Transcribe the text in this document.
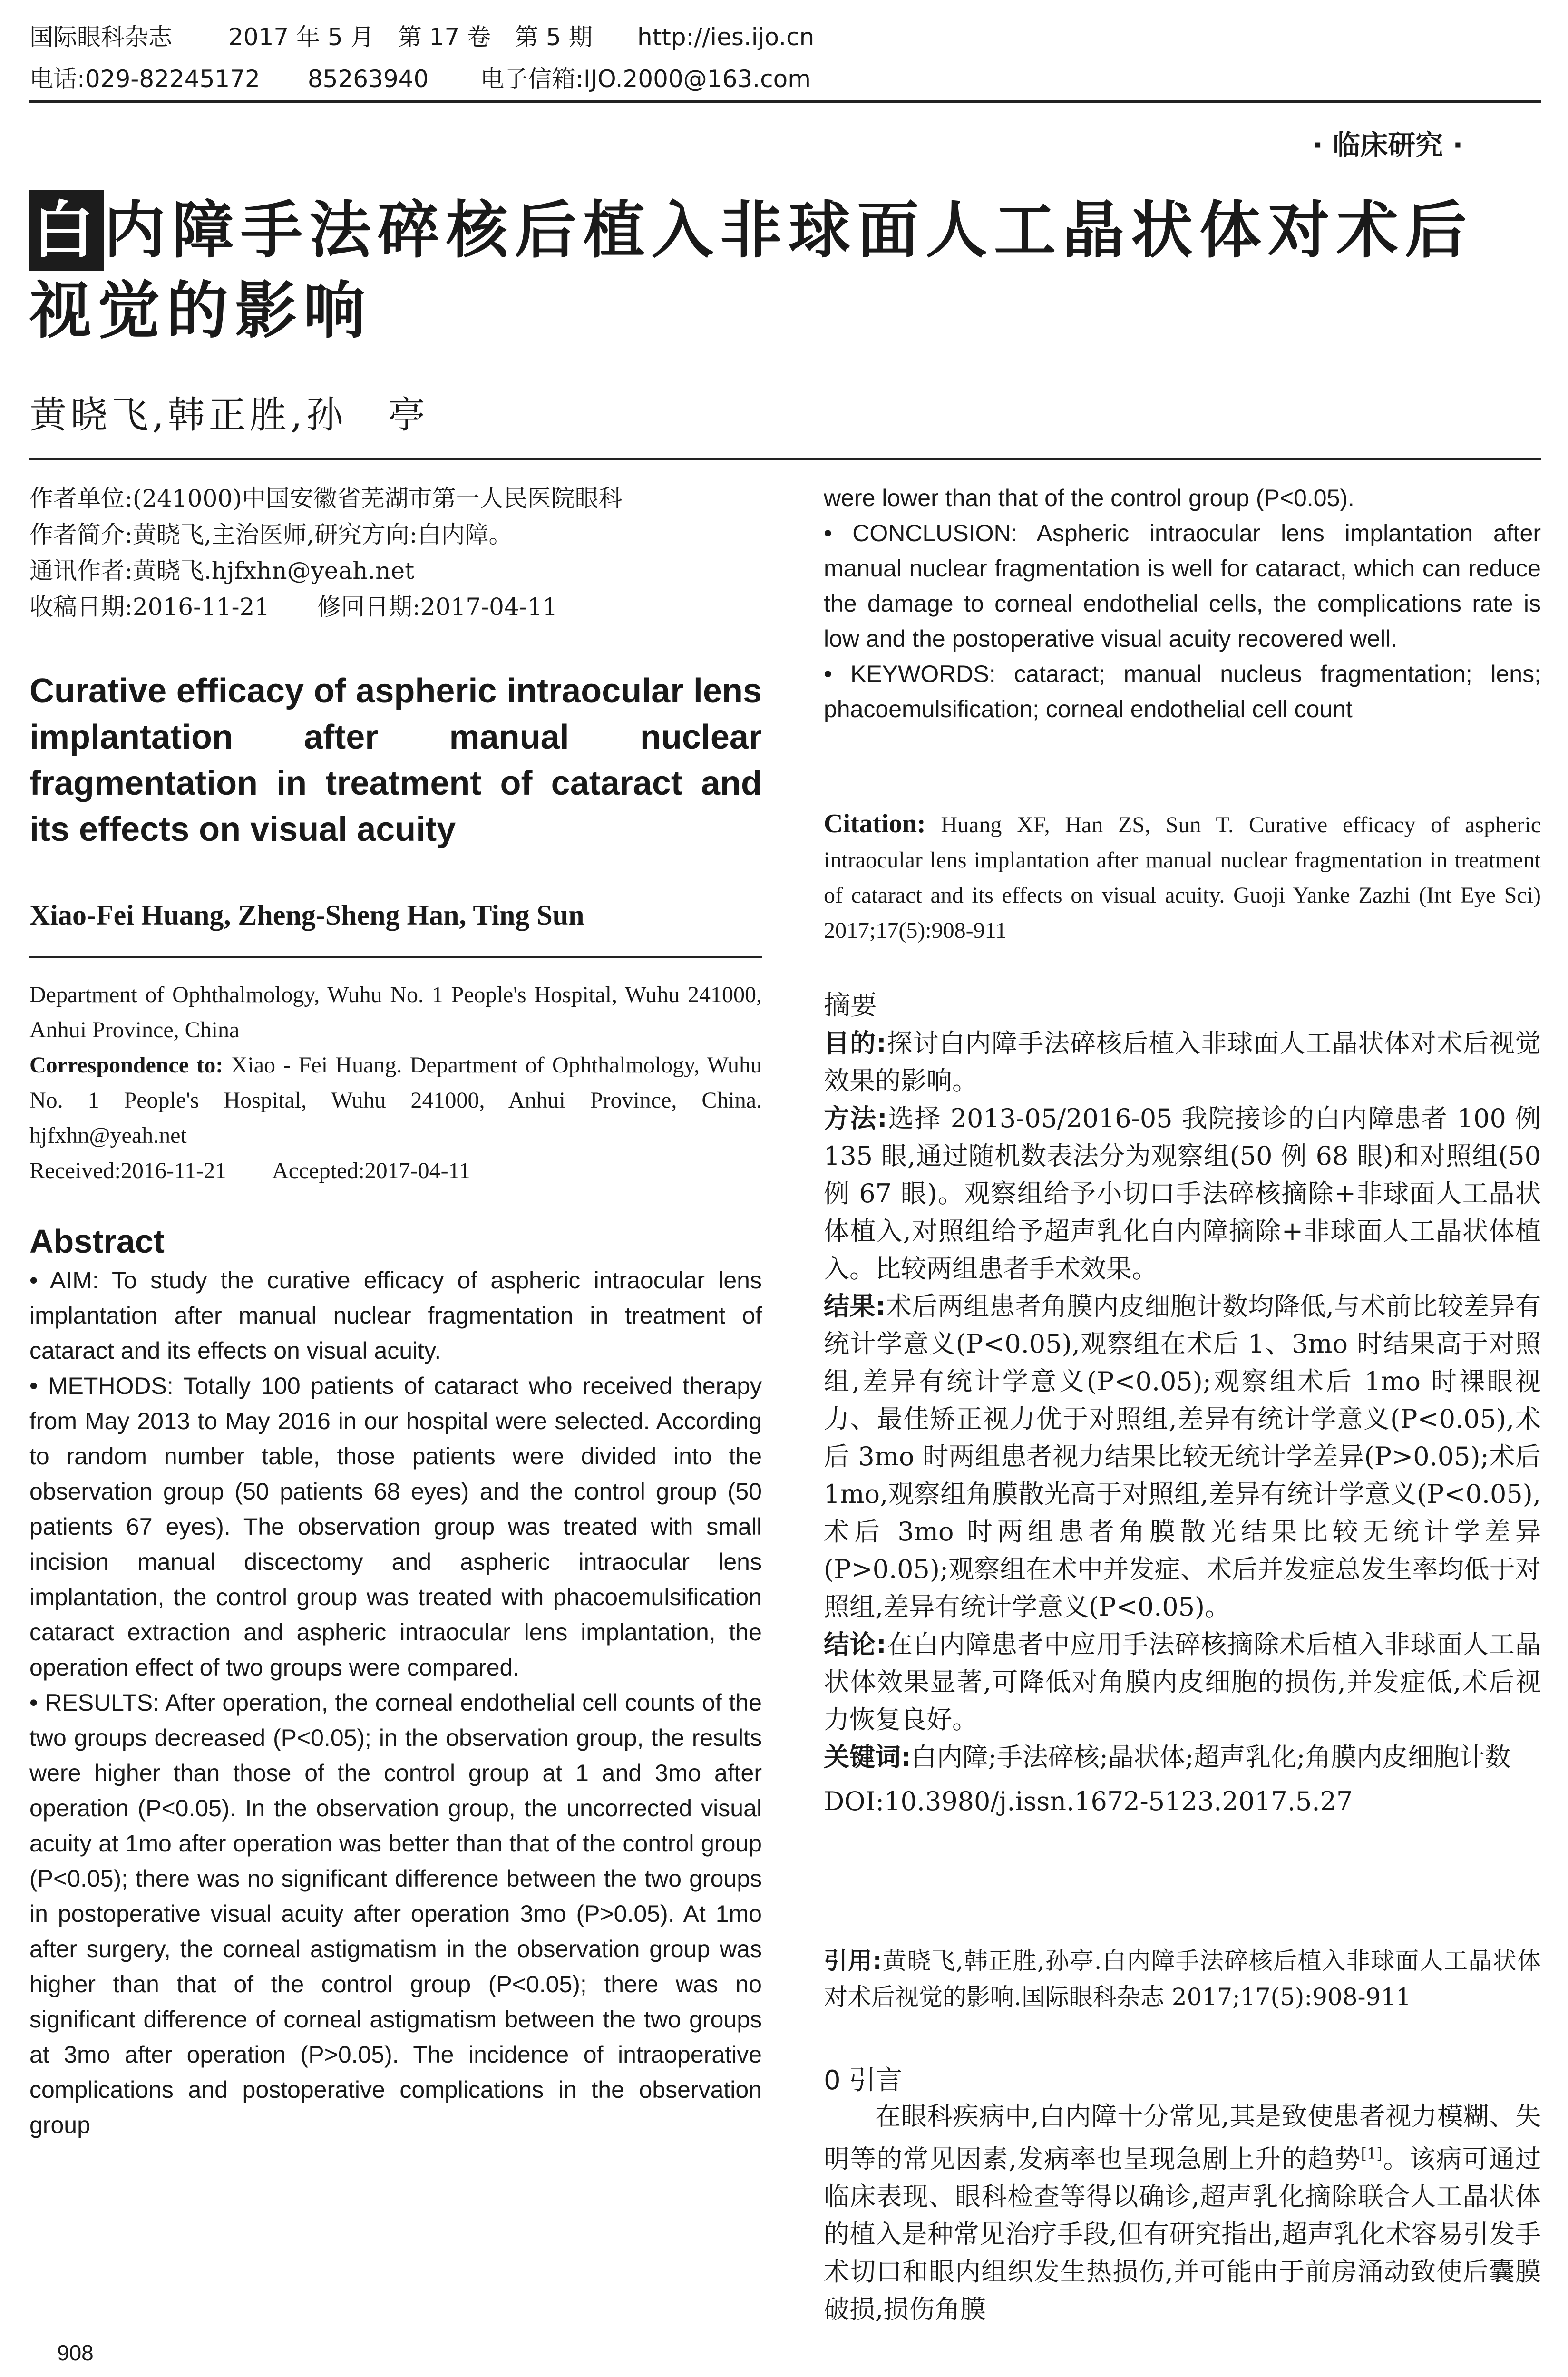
国际眼科杂志 2017 年 5 月　第 17 卷　第 5 期 http://ies.ijo.cn
电话:029-82245172　　85263940 电子信箱:IJO.2000@163.com
· 临床研究 ·
白内障手法碎核后植入非球面人工晶状体对术后视觉的影响
黄晓飞,韩正胜,孙　亭
作者单位:(241000)中国安徽省芜湖市第一人民医院眼科
作者简介:黄晓飞,主治医师,研究方向:白内障。
通讯作者:黄晓飞.hjfxhn@yeah.net
收稿日期:2016-11-21　　修回日期:2017-04-11
Curative efficacy of aspheric intraocular lens implantation after manual nuclear fragmentation in treatment of cataract and its effects on visual acuity
Xiao-Fei Huang, Zheng-Sheng Han, Ting Sun
Department of Ophthalmology, Wuhu No. 1 People's Hospital, Wuhu 241000, Anhui Province, China
Correspondence to: Xiao - Fei Huang. Department of Ophthalmology, Wuhu No. 1 People's Hospital, Wuhu 241000, Anhui Province, China. hjfxhn@yeah.net
Received:2016-11-21　　Accepted:2017-04-11
Abstract

• AIM: To study the curative efficacy of aspheric intraocular lens implantation after manual nuclear fragmentation in treatment of cataract and its effects on visual acuity.

• METHODS: Totally 100 patients of cataract who received therapy from May 2013 to May 2016 in our hospital were selected. According to random number table, those patients were divided into the observation group (50 patients 68 eyes) and the control group (50 patients 67 eyes). The observation group was treated with small incision manual discectomy and aspheric intraocular lens implantation, the control group was treated with phacoemulsification cataract extraction and aspheric intraocular lens implantation, the operation effect of two groups were compared.

• RESULTS: After operation, the corneal endothelial cell counts of the two groups decreased (P<0.05); in the observation group, the results were higher than those of the control group at 1 and 3mo after operation (P<0.05). In the observation group, the uncorrected visual acuity at 1mo after operation was better than that of the control group (P<0.05); there was no significant difference between the two groups in postoperative visual acuity after operation 3mo (P>0.05). At 1mo after surgery, the corneal astigmatism in the observation group was higher than that of the control group (P<0.05); there was no significant difference of corneal astigmatism between the two groups at 3mo after operation (P>0.05). The incidence of intraoperative complications and postoperative complications in the observation group

908

were lower than that of the control group (P<0.05).

• CONCLUSION: Aspheric intraocular lens implantation after manual nuclear fragmentation is well for cataract, which can reduce the damage to corneal endothelial cells, the complications rate is low and the postoperative visual acuity recovered well.

• KEYWORDS: cataract; manual nucleus fragmentation; lens; phacoemulsification; corneal endothelial cell count

Citation: Huang XF, Han ZS, Sun T. Curative efficacy of aspheric intraocular lens implantation after manual nuclear fragmentation in treatment of cataract and its effects on visual acuity. Guoji Yanke Zazhi (Int Eye Sci) 2017;17(5):908-911

摘要

目的:探讨白内障手法碎核后植入非球面人工晶状体对术后视觉效果的影响。

方法:选择 2013-05/2016-05 我院接诊的白内障患者 100 例 135 眼,通过随机数表法分为观察组(50 例 68 眼)和对照组(50 例 67 眼)。观察组给予小切口手法碎核摘除+非球面人工晶状体植入,对照组给予超声乳化白内障摘除+非球面人工晶状体植入。比较两组患者手术效果。

结果:术后两组患者角膜内皮细胞计数均降低,与术前比较差异有统计学意义(P<0.05),观察组在术后 1、3mo 时结果高于对照组,差异有统计学意义(P<0.05);观察组术后 1mo 时裸眼视力、最佳矫正视力优于对照组,差异有统计学意义(P<0.05),术后 3mo 时两组患者视力结果比较无统计学差异(P>0.05);术后 1mo,观察组角膜散光高于对照组,差异有统计学意义(P<0.05),术后 3mo 时两组患者角膜散光结果比较无统计学差异(P>0.05);观察组在术中并发症、术后并发症总发生率均低于对照组,差异有统计学意义(P<0.05)。

结论:在白内障患者中应用手法碎核摘除术后植入非球面人工晶状体效果显著,可降低对角膜内皮细胞的损伤,并发症低,术后视力恢复良好。

关键词:白内障;手法碎核;晶状体;超声乳化;角膜内皮细胞计数

DOI:10.3980/j.issn.1672-5123.2017.5.27

引用:黄晓飞,韩正胜,孙亭.白内障手法碎核后植入非球面人工晶状体对术后视觉的影响.国际眼科杂志 2017;17(5):908-911
0 引言

在眼科疾病中,白内障十分常见,其是致使患者视力模糊、失明等的常见因素,发病率也呈现急剧上升的趋势[1]。该病可通过临床表现、眼科检查等得以确诊,超声乳化摘除联合人工晶状体的植入是种常见治疗手段,但有研究指出,超声乳化术容易引发手术切口和眼内组织发生热损伤,并可能由于前房涌动致使后囊膜破损,损伤角膜
